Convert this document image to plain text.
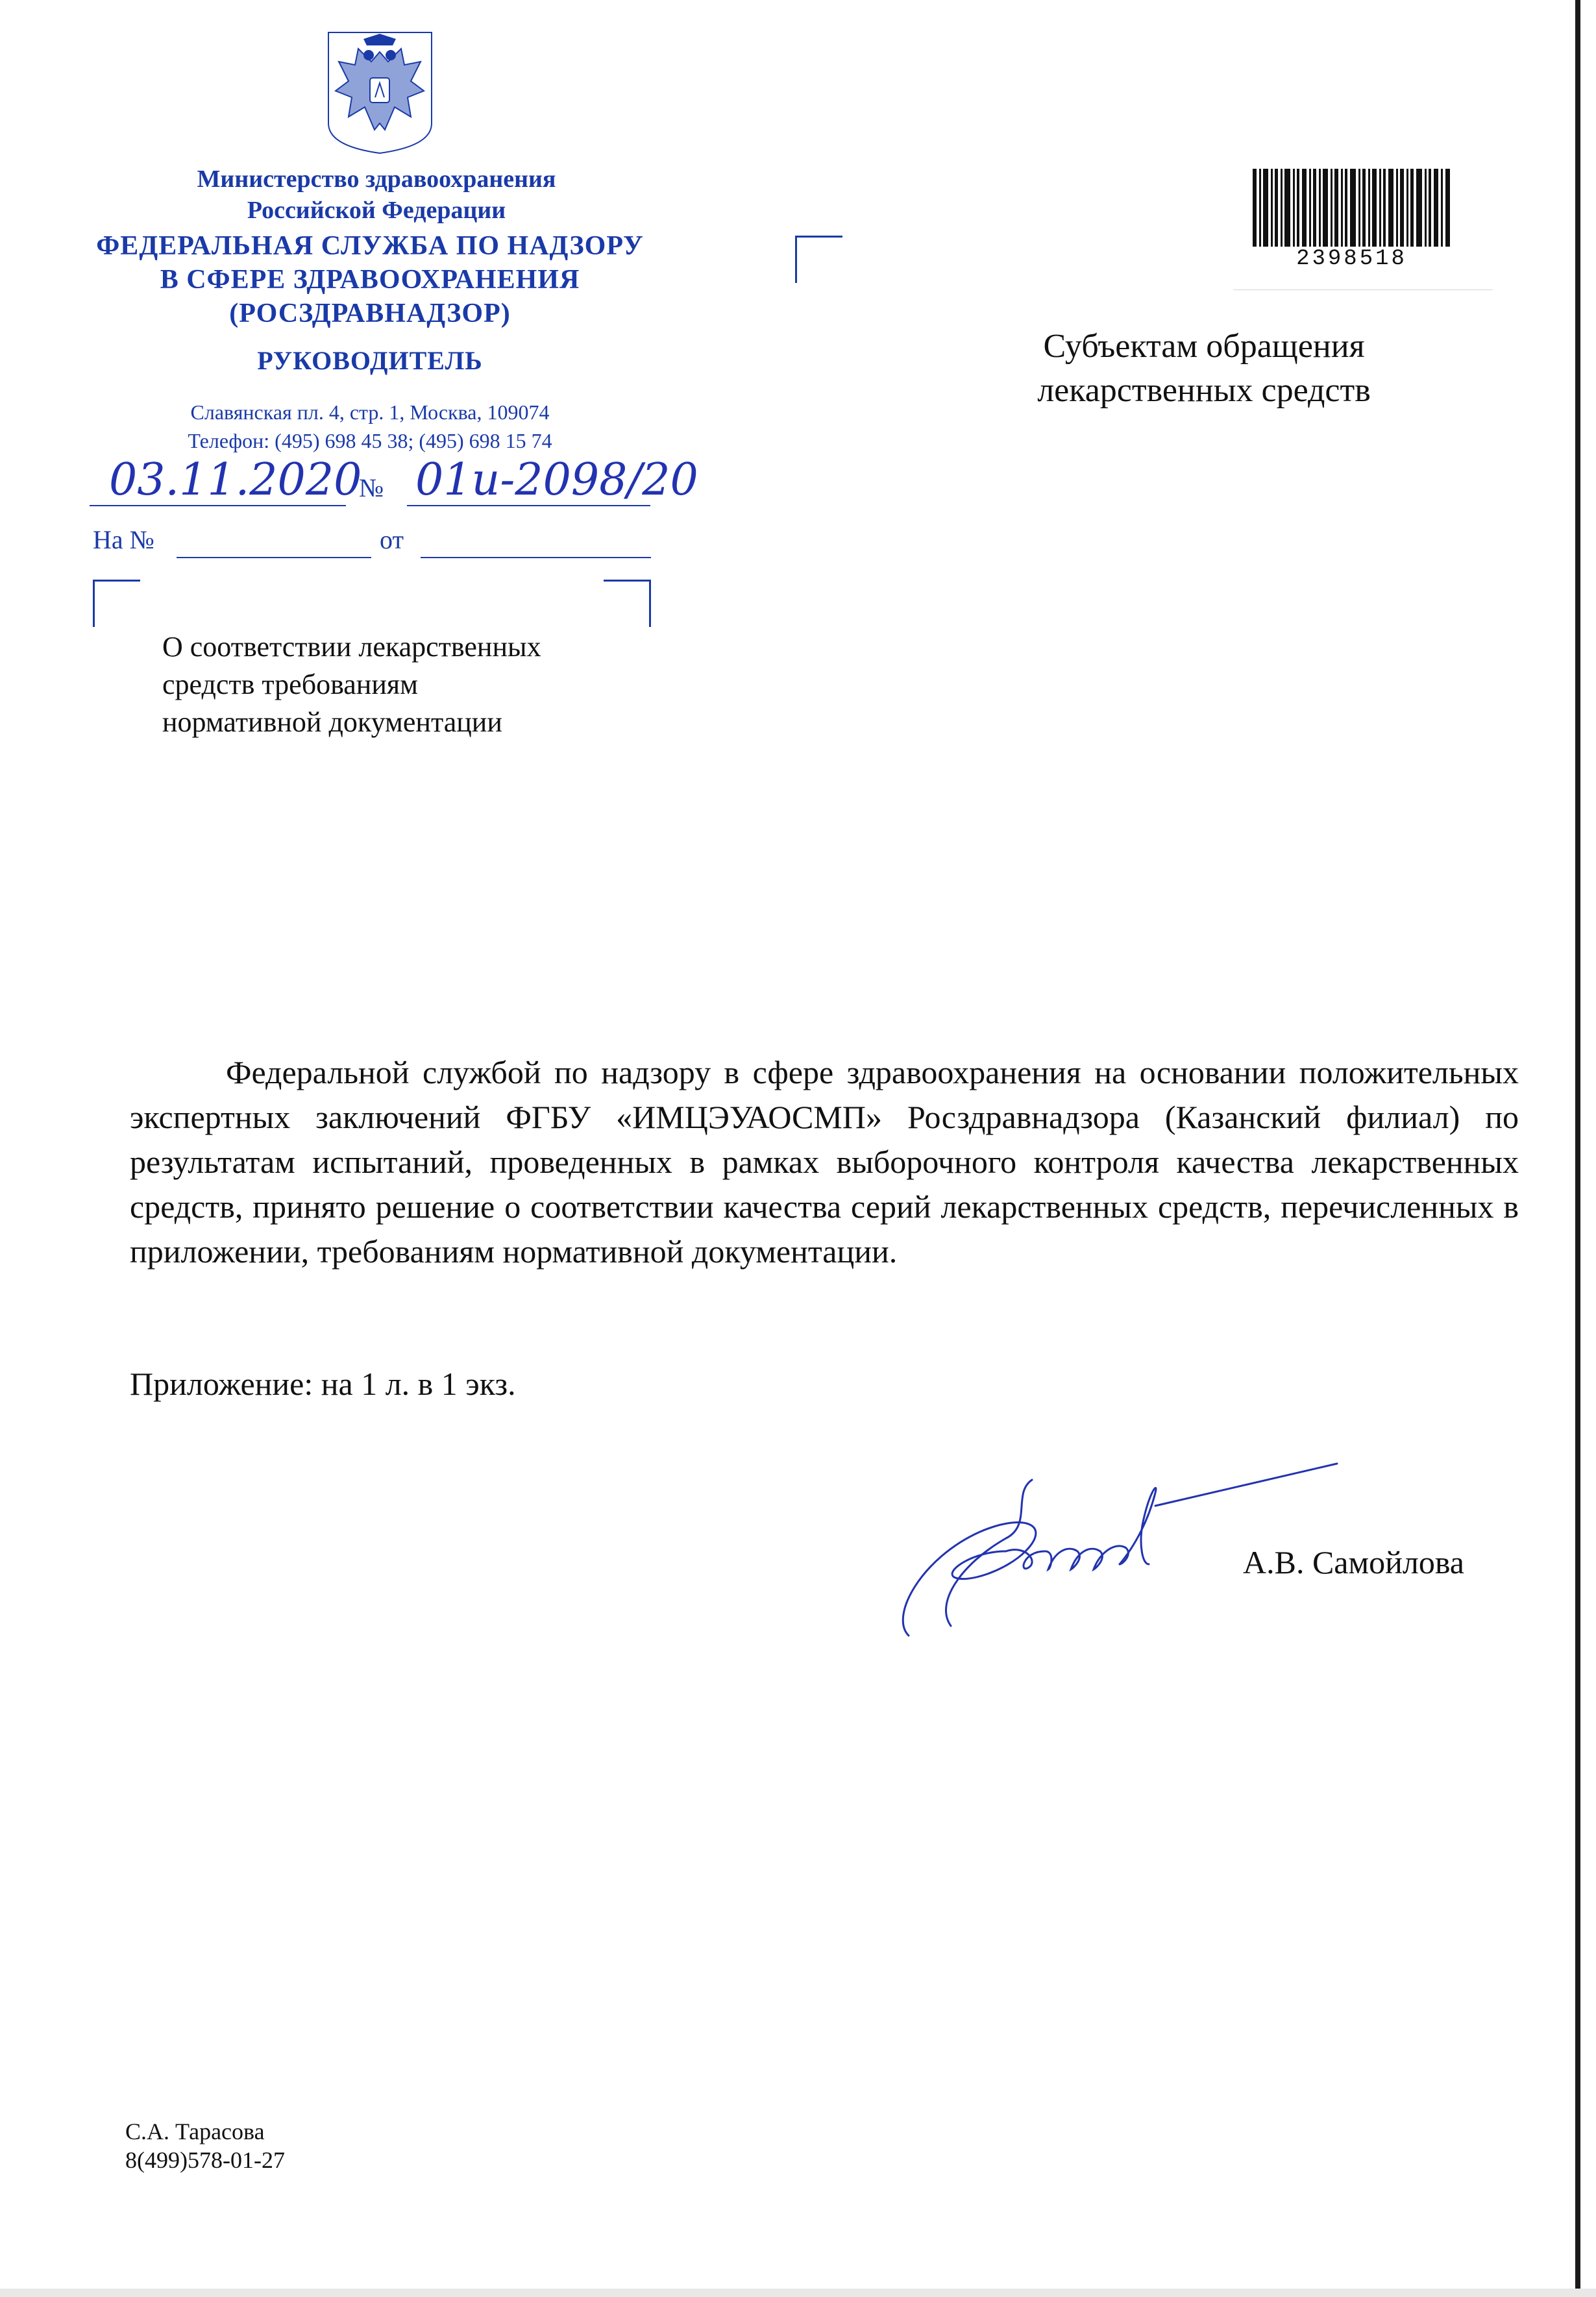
Министерство здравоохранения
Российской Федерации
ФЕДЕРАЛЬНАЯ СЛУЖБА ПО НАДЗОРУ
В СФЕРЕ ЗДРАВООХРАНЕНИЯ
(РОСЗДРАВНАДЗОР)
РУКОВОДИТЕЛЬ
Славянская пл. 4, стр. 1, Москва, 109074
Телефон: (495) 698 45 38; (495) 698 15 74
03.11.2020
№ 01и-2098/20
На №	от
О соответствии лекарственных
средств требованиям
нормативной документации
2398518
Субъектам обращения
лекарственных средств

Федеральной службой по надзору в сфере здравоохранения на основании положительных экспертных заключений ФГБУ «ИМЦЭУАОСМП» Росздравнадзора (Казанский филиал) по результатам испытаний, проведенных в рамках выборочного контроля качества лекарственных средств, принято решение о соответствии качества серий лекарственных средств, перечисленных в приложении, требованиям нормативной документации.

Приложение: на 1 л. в 1 экз.
А.В. Самойлова
С.А. Тарасова
8(499)578-01-27
